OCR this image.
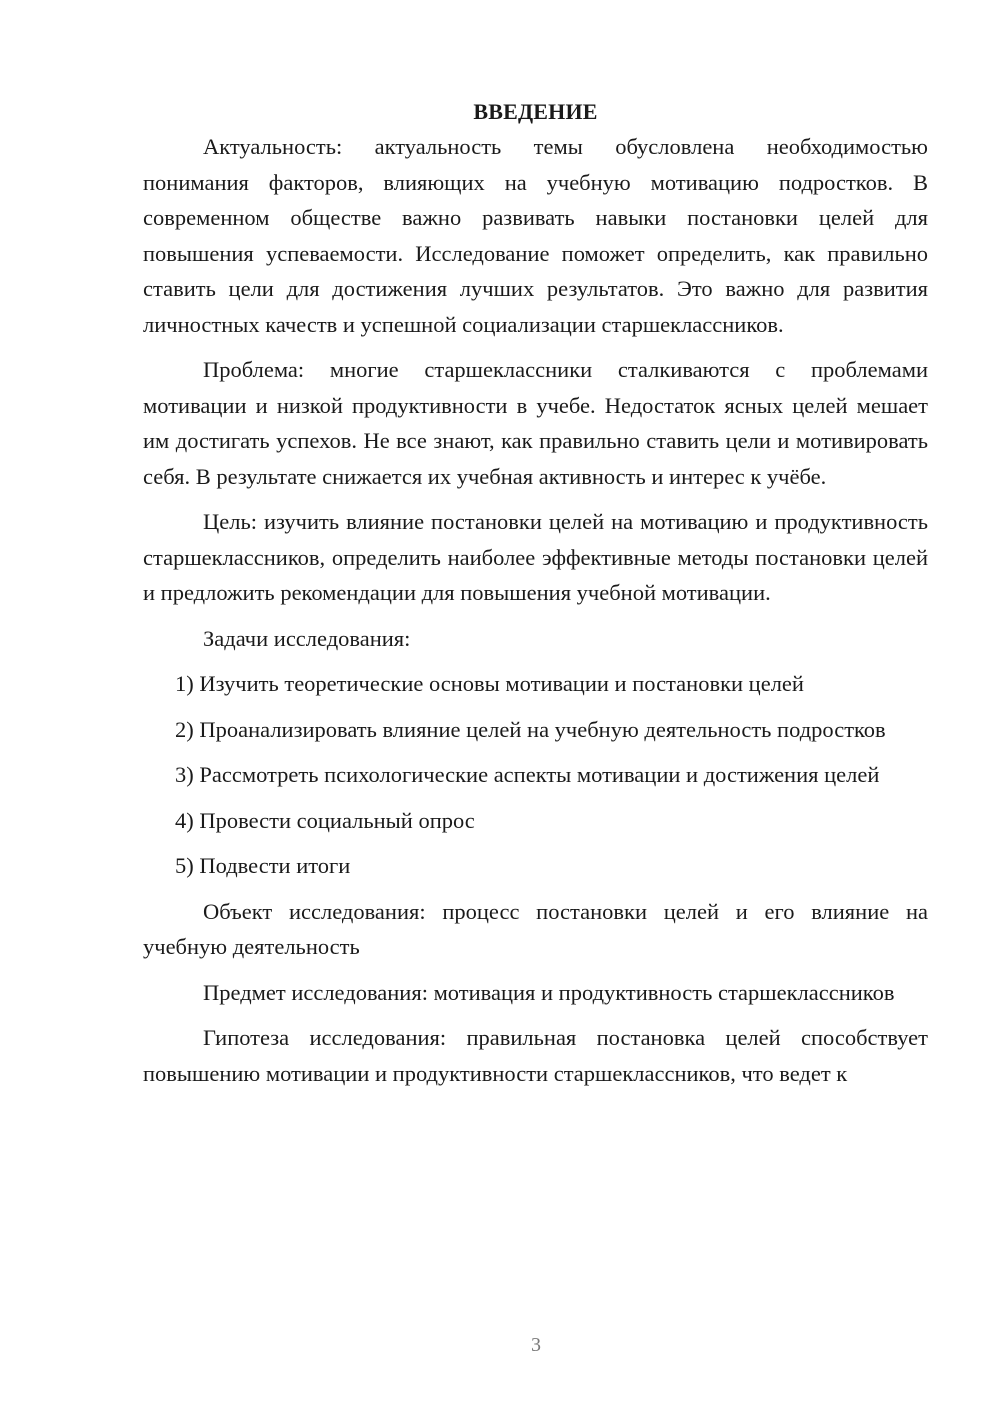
ВВЕДЕНИЕ

Актуальность: актуальность темы обусловлена необходимостью понимания факторов, влияющих на учебную мотивацию подростков. В современном обществе важно развивать навыки постановки целей для повышения успеваемости. Исследование поможет определить, как правильно ставить цели для достижения лучших результатов. Это важно для развития личностных качеств и успешной социализации старшеклассников.

Проблема: многие старшеклассники сталкиваются с проблемами мотивации и низкой продуктивности в учебе. Недостаток ясных целей мешает им достигать успехов. Не все знают, как правильно ставить цели и мотивировать себя. В результате снижается их учебная активность и интерес к учёбе.

Цель: изучить влияние постановки целей на мотивацию и продуктивность старшеклассников, определить наиболее эффективные методы постановки целей и предложить рекомендации для повышения учебной мотивации.

Задачи исследования:

1) Изучить теоретические основы мотивации и постановки целей

2) Проанализировать влияние целей на учебную деятельность подростков

3) Рассмотреть психологические аспекты мотивации и достижения целей

4) Провести социальный опрос

5) Подвести итоги

Объект исследования: процесс постановки целей и его влияние на учебную деятельность

Предмет исследования: мотивация и продуктивность старшеклассников

Гипотеза исследования: правильная постановка целей способствует повышению мотивации и продуктивности старшеклассников, что ведет к

3
